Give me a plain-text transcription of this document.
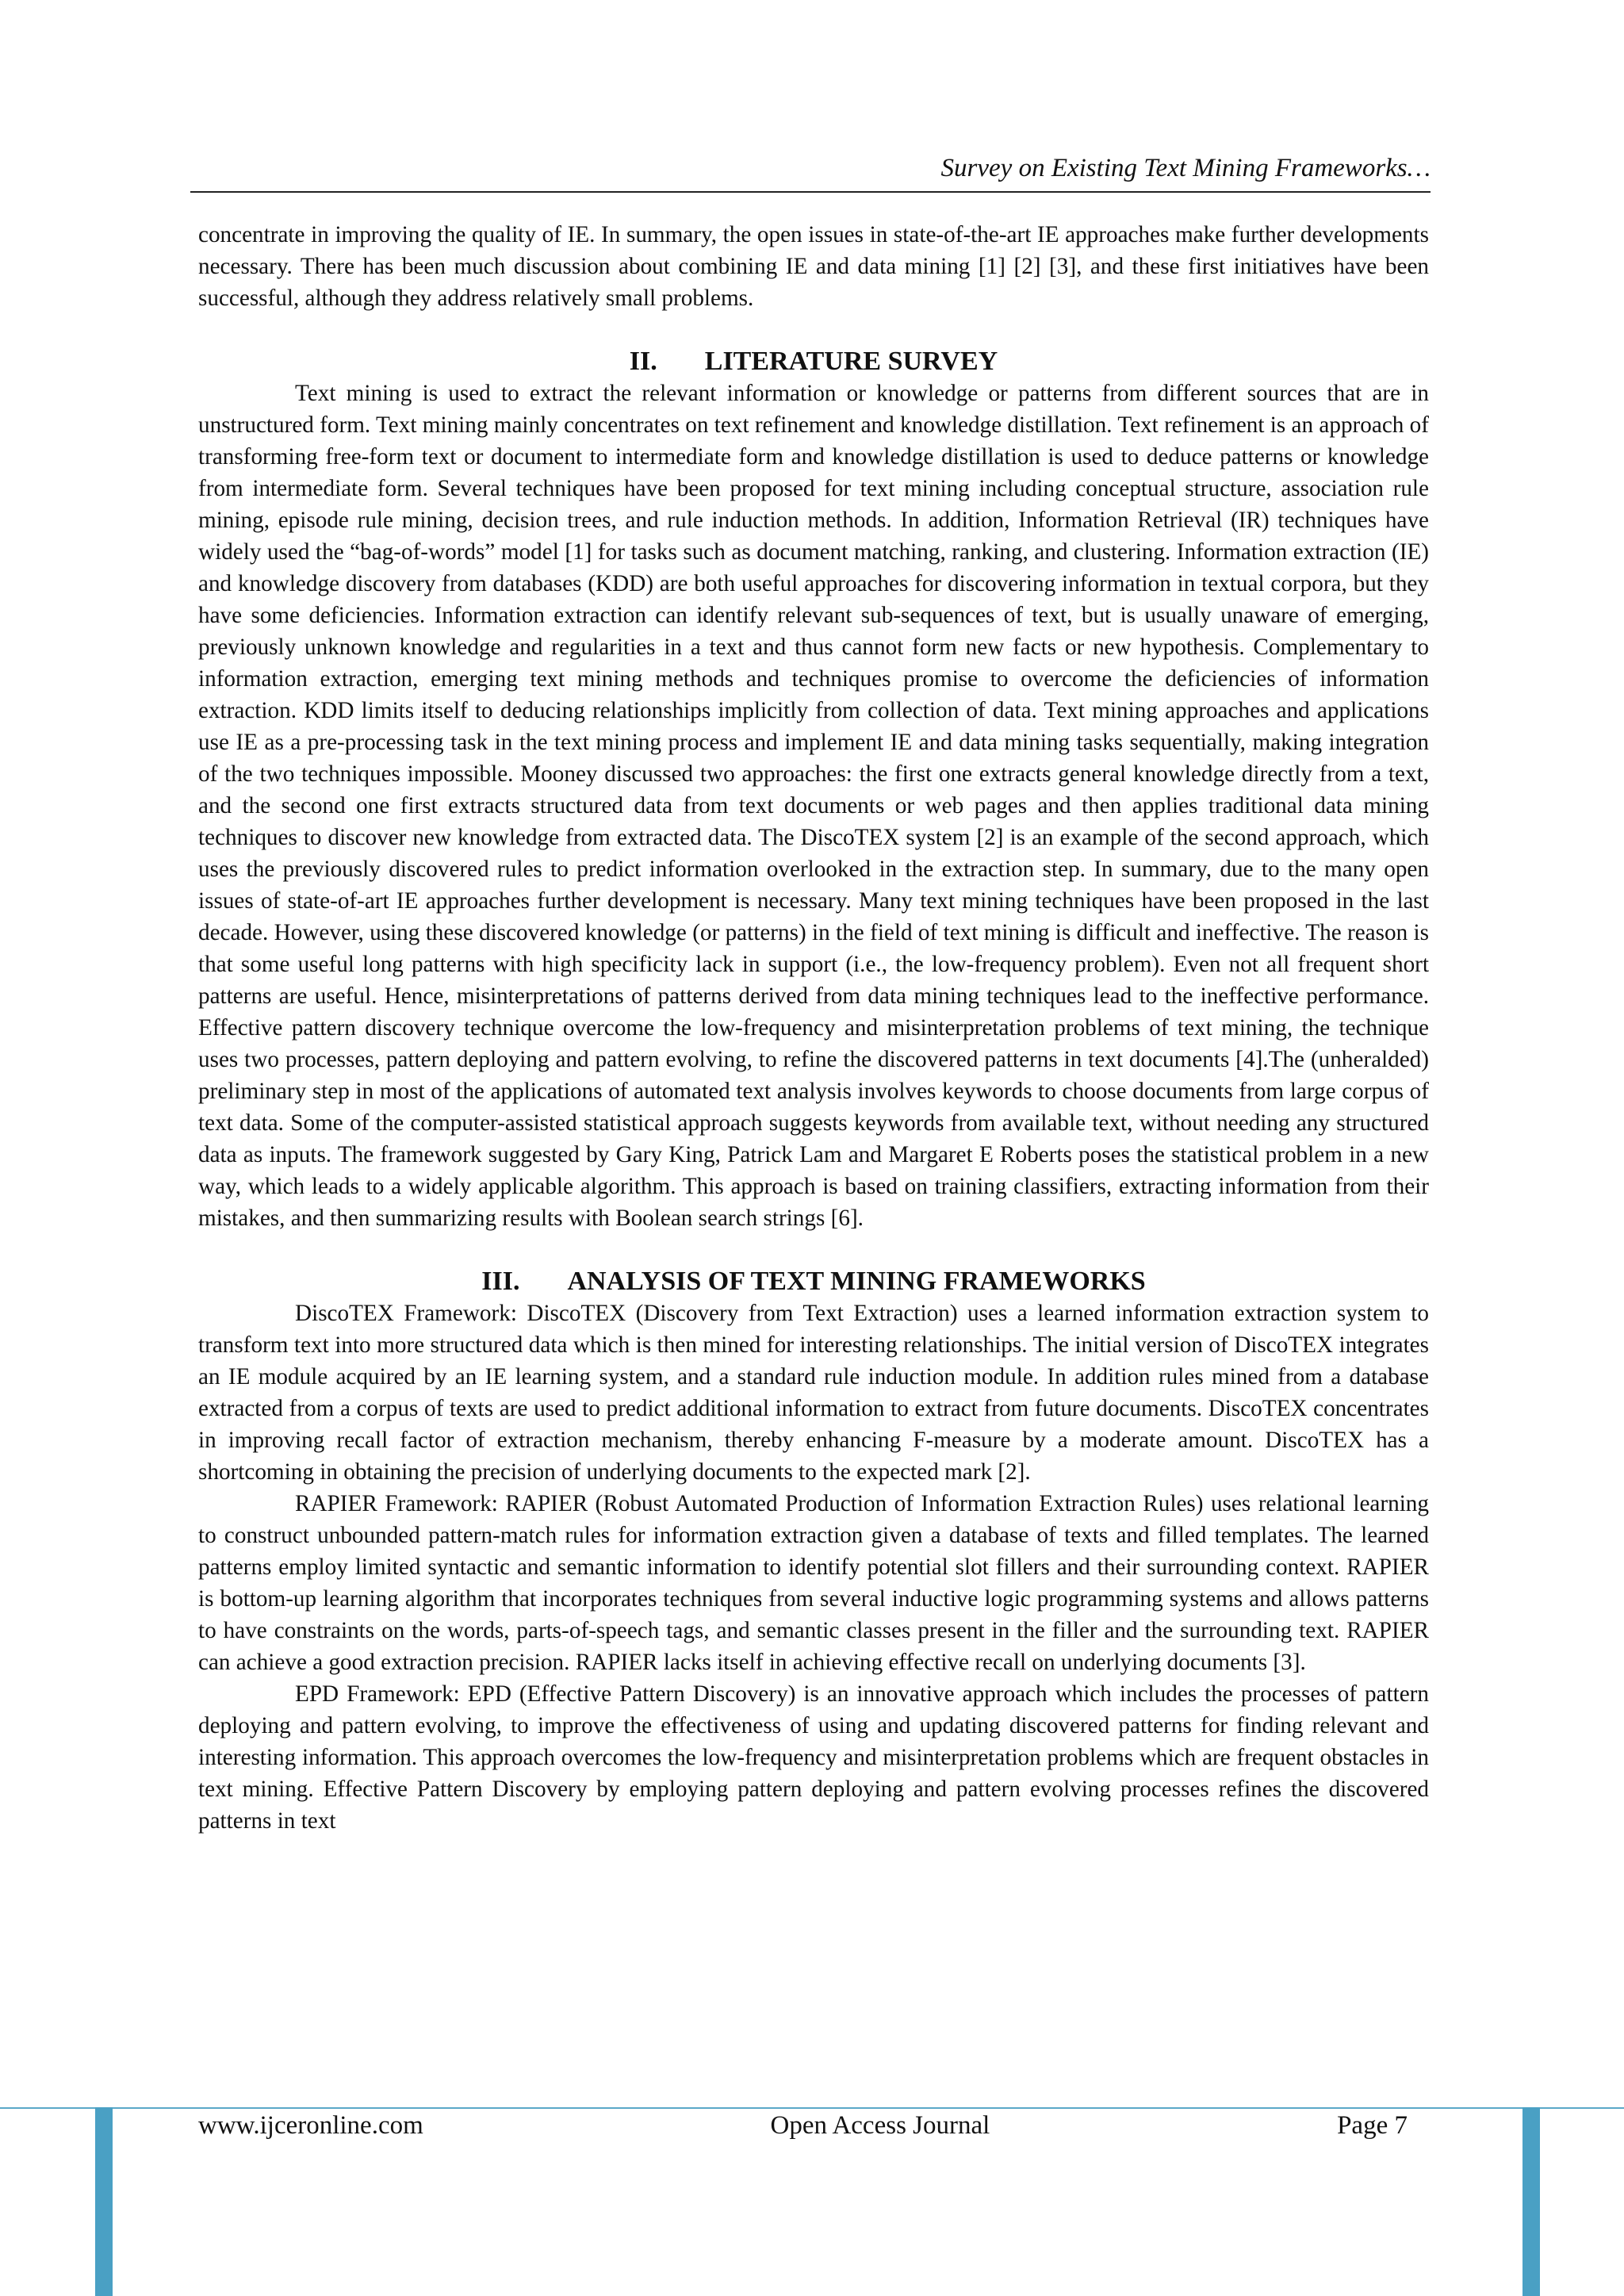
Survey on Existing Text Mining Frameworks…

concentrate in improving the quality of IE. In summary, the open issues in state-of-the-art IE approaches make further developments necessary. There has been much discussion about combining IE and data mining [1] [2] [3], and these first initiatives have been successful, although they address relatively small problems.

II. LITERATURE SURVEY

Text mining is used to extract the relevant information or knowledge or patterns from different sources that are in unstructured form. Text mining mainly concentrates on text refinement and knowledge distillation. Text refinement is an approach of transforming free-form text or document to intermediate form and knowledge distillation is used to deduce patterns or knowledge from intermediate form. Several techniques have been proposed for text mining including conceptual structure, association rule mining, episode rule mining, decision trees, and rule induction methods. In addition, Information Retrieval (IR) techniques have widely used the “bag-of-words” model [1] for tasks such as document matching, ranking, and clustering. Information extraction (IE) and knowledge discovery from databases (KDD) are both useful approaches for discovering information in textual corpora, but they have some deficiencies. Information extraction can identify relevant sub-sequences of text, but is usually unaware of emerging, previously unknown knowledge and regularities in a text and thus cannot form new facts or new hypothesis. Complementary to information extraction, emerging text mining methods and techniques promise to overcome the deficiencies of information extraction. KDD limits itself to deducing relationships implicitly from collection of data. Text mining approaches and applications use IE as a pre-processing task in the text mining process and implement IE and data mining tasks sequentially, making integration of the two techniques impossible. Mooney discussed two approaches: the first one extracts general knowledge directly from a text, and the second one first extracts structured data from text documents or web pages and then applies traditional data mining techniques to discover new knowledge from extracted data. The DiscoTEX system [2] is an example of the second approach, which uses the previously discovered rules to predict information overlooked in the extraction step. In summary, due to the many open issues of state-of-art IE approaches further development is necessary. Many text mining techniques have been proposed in the last decade. However, using these discovered knowledge (or patterns) in the field of text mining is difficult and ineffective. The reason is that some useful long patterns with high specificity lack in support (i.e., the low-frequency problem). Even not all frequent short patterns are useful. Hence, misinterpretations of patterns derived from data mining techniques lead to the ineffective performance. Effective pattern discovery technique overcome the low-frequency and misinterpretation problems of text mining, the technique uses two processes, pattern deploying and pattern evolving, to refine the discovered patterns in text documents [4].The (unheralded) preliminary step in most of the applications of automated text analysis involves keywords to choose documents from large corpus of text data. Some of the computer-assisted statistical approach suggests keywords from available text, without needing any structured data as inputs. The framework suggested by Gary King, Patrick Lam and Margaret E Roberts poses the statistical problem in a new way, which leads to a widely applicable algorithm. This approach is based on training classifiers, extracting information from their mistakes, and then summarizing results with Boolean search strings [6].

III. ANALYSIS OF TEXT MINING FRAMEWORKS

DiscoTEX Framework: DiscoTEX (Discovery from Text Extraction) uses a learned information extraction system to transform text into more structured data which is then mined for interesting relationships. The initial version of DiscoTEX integrates an IE module acquired by an IE learning system, and a standard rule induction module. In addition rules mined from a database extracted from a corpus of texts are used to predict additional information to extract from future documents. DiscoTEX concentrates in improving recall factor of extraction mechanism, thereby enhancing F-measure by a moderate amount. DiscoTEX has a shortcoming in obtaining the precision of underlying documents to the expected mark [2].

RAPIER Framework: RAPIER (Robust Automated Production of Information Extraction Rules) uses relational learning to construct unbounded pattern-match rules for information extraction given a database of texts and filled templates. The learned patterns employ limited syntactic and semantic information to identify potential slot fillers and their surrounding context. RAPIER is bottom-up learning algorithm that incorporates techniques from several inductive logic programming systems and allows patterns to have constraints on the words, parts-of-speech tags, and semantic classes present in the filler and the surrounding text. RAPIER can achieve a good extraction precision. RAPIER lacks itself in achieving effective recall on underlying documents [3].

EPD Framework: EPD (Effective Pattern Discovery) is an innovative approach which includes the processes of pattern deploying and pattern evolving, to improve the effectiveness of using and updating discovered patterns for finding relevant and interesting information. This approach overcomes the low-frequency and misinterpretation problems which are frequent obstacles in text mining. Effective Pattern Discovery by employing pattern deploying and pattern evolving processes refines the discovered patterns in text

www.ijceronline.com	Open Access Journal	Page 7
